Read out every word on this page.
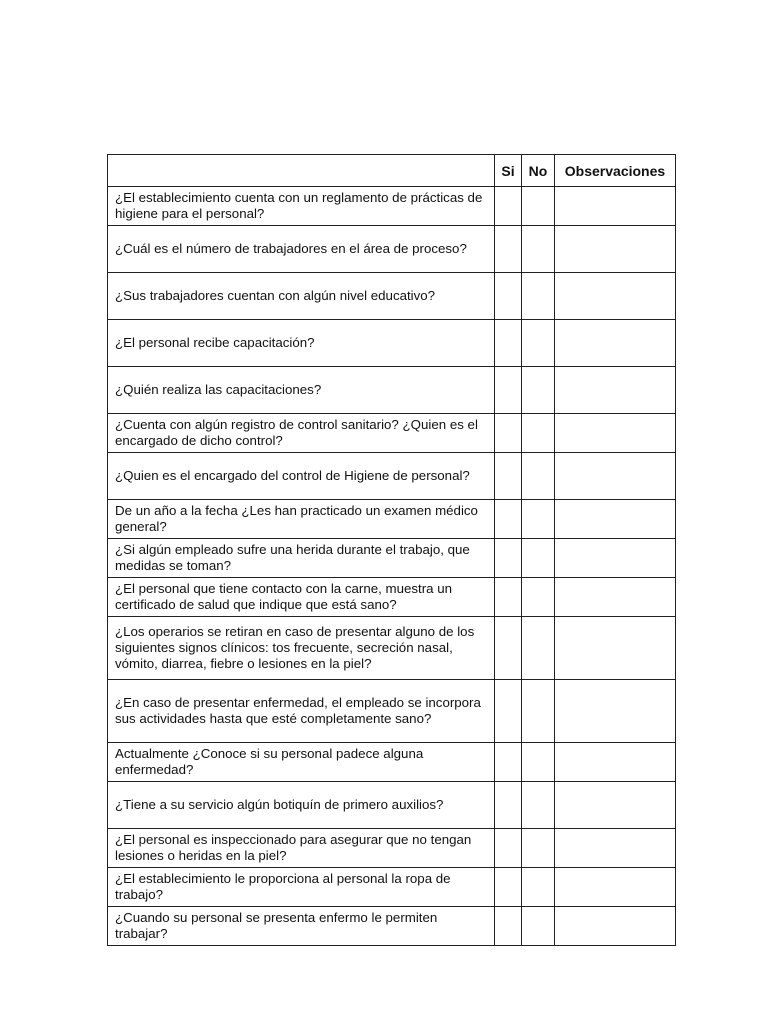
	Si	No	Observaciones
¿El establecimiento cuenta con un reglamento de prácticas de higiene para el personal?			
¿Cuál es el número de trabajadores en el área de proceso?			
¿Sus trabajadores cuentan con algún nivel educativo?			
¿El personal recibe capacitación?			
¿Quién realiza las capacitaciones?			
¿Cuenta con algún registro de control sanitario? ¿Quien es el encargado de dicho control?			
¿Quien es el encargado del control de Higiene de personal?			
De un año a la fecha ¿Les han practicado un examen médico general?			
¿Si algún empleado sufre una herida durante el trabajo, que medidas se toman?			
¿El personal que tiene contacto con la carne, muestra un certificado de salud que indique que está sano?			
¿Los operarios se retiran en caso de presentar alguno de los siguientes signos clínicos: tos frecuente, secreción nasal, vómito, diarrea, fiebre o lesiones en la piel?			
¿En caso de presentar enfermedad, el empleado se incorpora sus actividades hasta que esté completamente sano?			
Actualmente ¿Conoce si su personal padece alguna enfermedad?			
¿Tiene a su servicio algún botiquín de primero auxilios?			
¿El personal es inspeccionado para asegurar que no tengan lesiones o heridas en la piel?			
¿El establecimiento le proporciona al personal la ropa de trabajo?			
¿Cuando su personal se presenta enfermo le permiten trabajar?			
